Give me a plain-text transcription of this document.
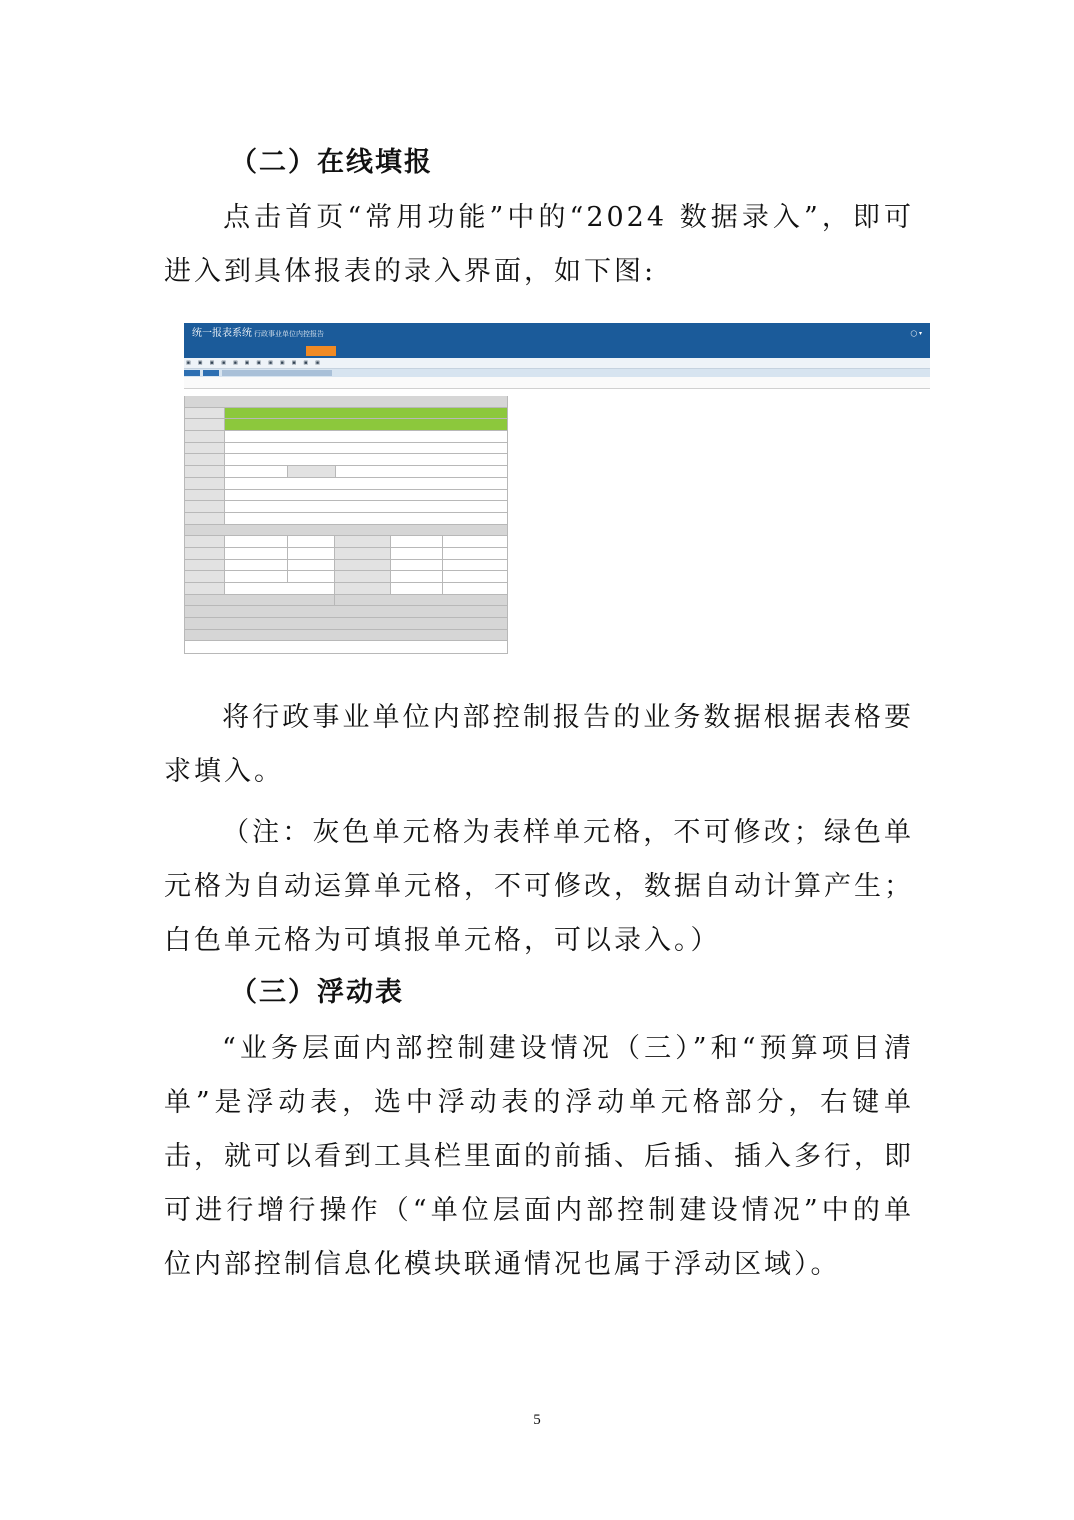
（二）在线填报
点击首页“常用功能”中的“2024 数据录入”，即可进入到具体报表的录入界面，如下图:
统一报表系统 行政事业单位内控报告	◯ ▾
▣ ▣ ▣ ▣ ▣ ▣ ▣ ▣ ▣ ▣ ▣ ▣
将行政事业单位内部控制报告的业务数据根据表格要求填入。
（注：灰色单元格为表样单元格，不可修改；绿色单元格为自动运算单元格，不可修改，数据自动计算产生；白色单元格为可填报单元格，可以录入。）
（三）浮动表
“业务层面内部控制建设情况（三）”和“预算项目清单”是浮动表，选中浮动表的浮动单元格部分，右键单击，就可以看到工具栏里面的前插、后插、插入多行，即可进行增行操作（“单位层面内部控制建设情况”中的单位内部控制信息化模块联通情况也属于浮动区域）。
5
